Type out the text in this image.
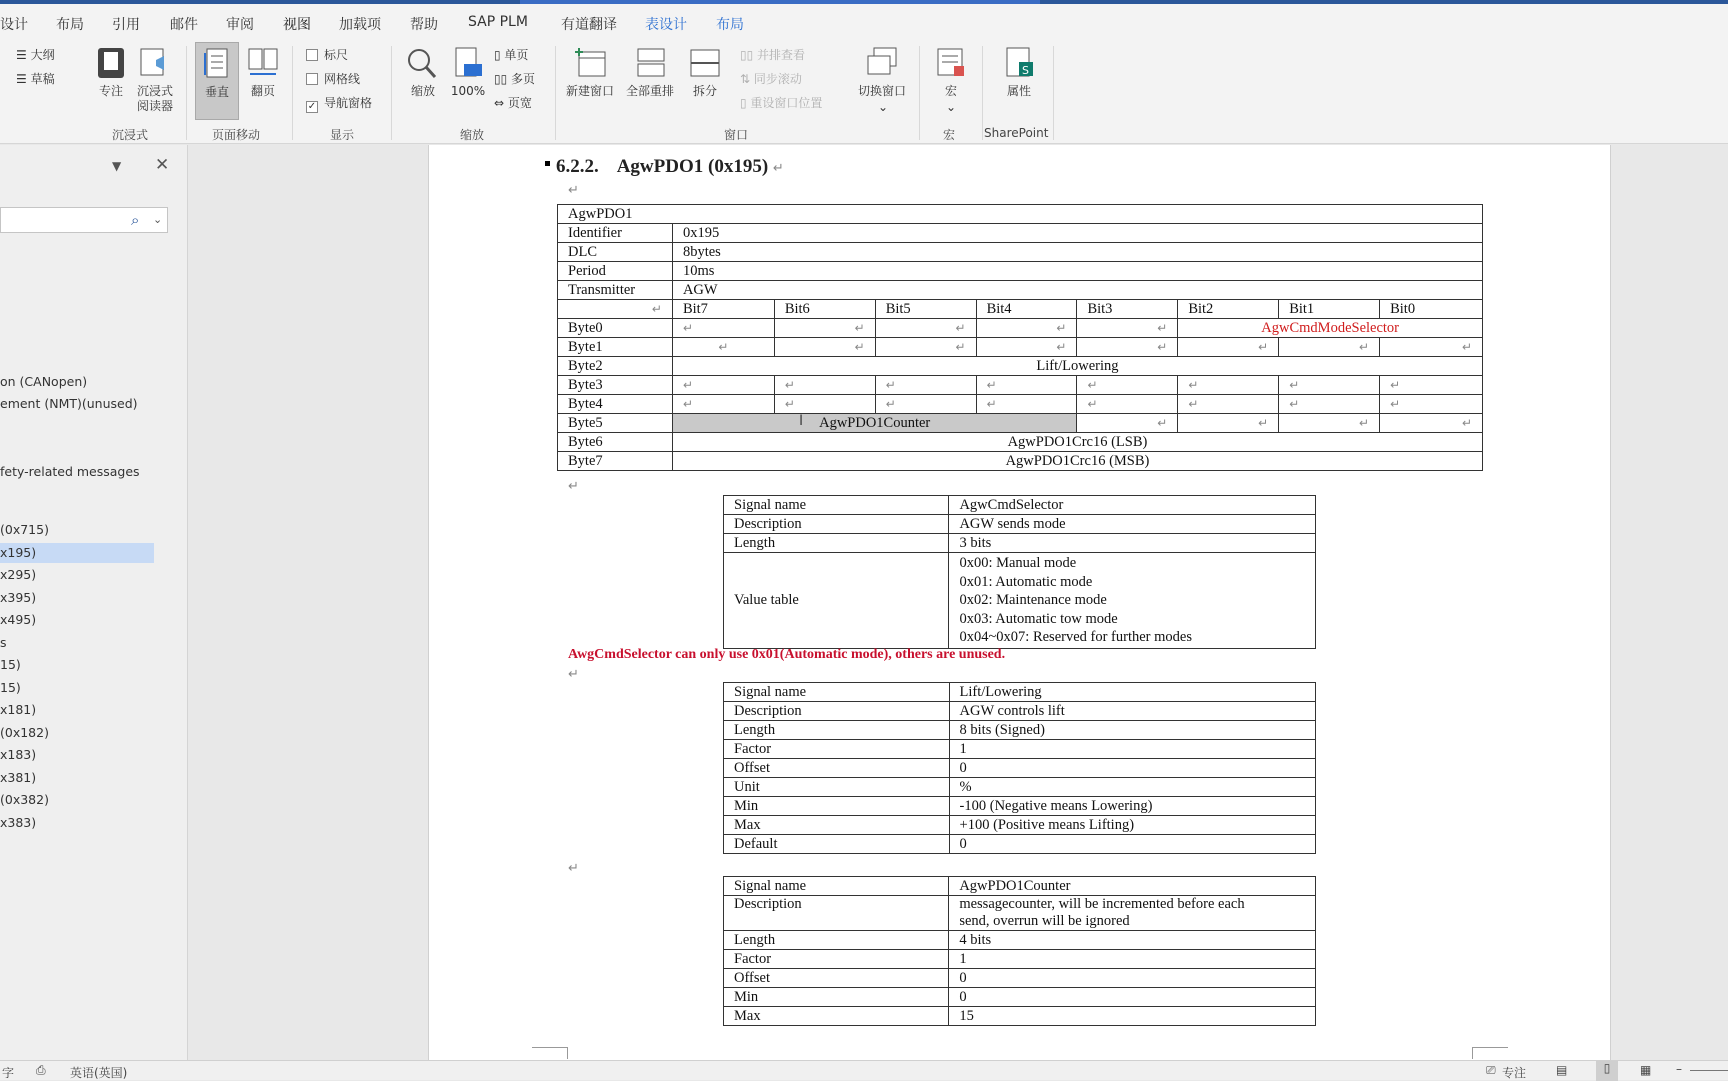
设计 布局 引用 邮件 审阅 视图 加载项 帮助 SAP PLM 有道翻译 表设计 布局
☰ 大纲
☰ 草稿
专注	沉浸式阅读器
沉浸式
垂直	翻页
页面移动
标尺
网格线
✓ 导航窗格
显示
缩放 100%
▯ 单页
▯▯ 多页
⇔ 页宽
缩放
新建窗口 全部重排	拆分
▯▯ 并排查看
⇅ 同步滚动
▯ 重设窗口位置
切换窗口
⌄
窗口
宏
⌄
宏
S
属性
SharePoint
▼ ✕
⌕ ⌄
on (CANopen)
ement (NMT)(unused)
fety-related messages
(0x715)
x195)
x295)
x395)
x495)
s
15)
15)
x181)
(0x182)
x183)
x381)
(0x382)
x383)
6.2.2. AgwPDO1 (0x195) ↵
↵
AgwPDO1								
Identifier	0x195							
DLC	8bytes							
Period	10ms							
Transmitter	AGW							
↵	Bit7	Bit6	Bit5	Bit4	Bit3	Bit2	Bit1	Bit0
Byte0	↵	↵	↵	↵	↵	AgwCmdModeSelector		
Byte1	↵	↵	↵	↵	↵	↵	↵	↵
Byte2	Lift/Lowering							
Byte3	↵	↵	↵	↵	↵	↵	↵	↵
Byte4	↵	↵	↵	↵	↵	↵	↵	↵
Byte5	AgwPDO1Counter				↵	↵	↵	↵
Byte6	AgwPDO1Crc16 (LSB)							
Byte7	AgwPDO1Crc16 (MSB)							
I
↵
Signal name	AgwCmdSelector
Description	AGW sends mode
Length	3 bits
Value table	0x00: Manual mode
0x01: Automatic mode
0x02: Maintenance mode
0x03: Automatic tow mode
0x04~0x07: Reserved for further modes
AwgCmdSelector can only use 0x01(Automatic mode), others are unused.
↵
Signal name	Lift/Lowering
Description	AGW controls lift
Length	8 bits (Signed)
Factor	1
Offset	0
Unit	%
Min	-100 (Negative means Lowering)
Max	+100 (Positive means Lifting)
Default	0
↵
Signal name	AgwPDO1Counter
Description	messagecounter, will be incremented before each
send, overrun will be ignored

Length	4 bits
Factor	1
Offset	0
Min	0
Max	15
字 ⎙ 英语(英国)	⎚ 专注 ▤	▯	▦ –
